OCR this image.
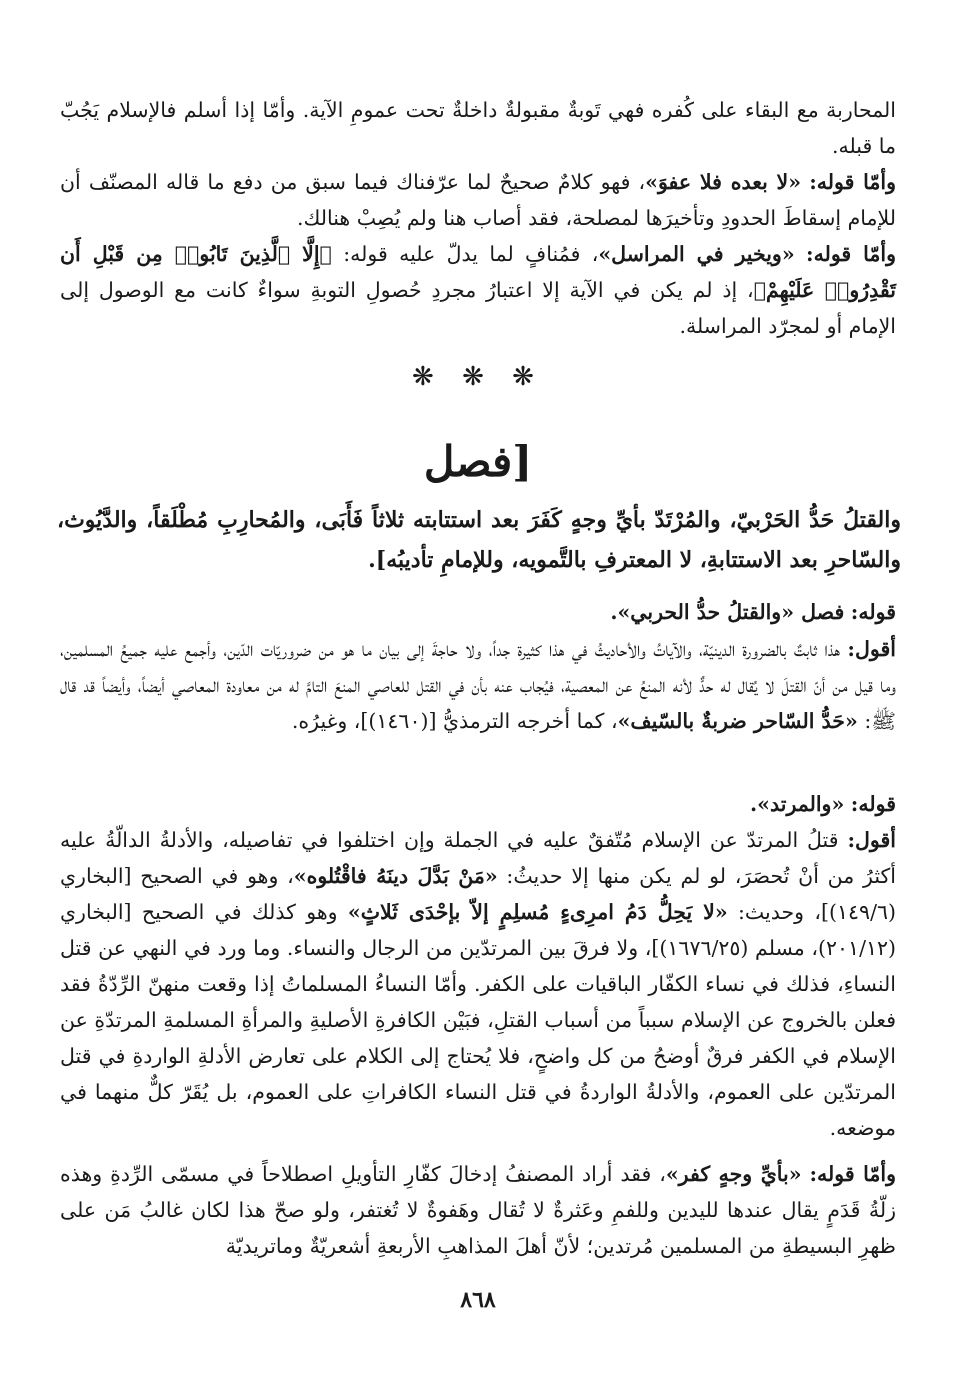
المحاربة مع البقاء على كُفره فهي تَوبةٌ مقبولةٌ داخلةٌ تحت عمومِ الآية. وأمّا إذا أسلم فالإسلام يَجُبّ ما قبله.

وأمّا قوله: «لا بعده فلا عفوَ»، فهو كلامٌ صحيحٌ لما عرّفناك فيما سبق من دفع ما قاله المصنّف أن للإمام إسقاطَ الحدودِ وتأخيرَها لمصلحة، فقد أصاب هنا ولم يُصِبْ هنالك.

وأمّا قوله: «ويخير في المراسل»، فمُنافٍ لما يدلّ عليه قوله: ﴿إِلَّا ٱلَّذِينَ تَابُوا۟ مِن قَبْلِ أَن تَقْدِرُوا۟ عَلَيْهِمْ﴾، إذ لم يكن في الآية إلا اعتبارُ مجردِ حُصولِ التوبةِ سواءٌ كانت مع الوصول إلى الإمام أو لمجرّد المراسلة.

❋ ❋ ❋
[فصل

والقتلُ حَدُّ الحَرْبيّ، والمُرْتَدّ بأيِّ وجهٍ كَفَرَ بعد استتابته ثلاثاً فَأَبَى، والمُحارِبِ مُطْلَقاً، والدَّيُوث، والسّاحرِ بعد الاستتابةِ، لا المعترفِ بالتَّمويه، وللإمامِ تأديبُه].

قوله: فصل «والقتلُ حدُّ الحربي».

أقول: هذا ثابتٌ بالضرورة الدينيّة، والآياتُ والأحاديثُ في هذا كثيرة جداً، ولا حاجةَ إلى بيان ما هو من ضروريّات الدّين، وأجمع عليه جميعُ المسلمين، وما قيل من أنّ القتلَ لا يُقال له حدٌّ لأنه المنعُ عن المعصية، فيُجاب عنه بأن في القتل للعاصي المنعَ التامَّ له من معاودة المعاصي أيضاً، وأيضاً قد قال ﷺ: «حَدُّ السّاحر ضربةٌ بالسّيف»، كما أخرجه الترمذيُّ [(١٤٦٠)]، وغيرُه.

قوله: «والمرتد».

أقول: قتلُ المرتدّ عن الإسلام مُتّفقٌ عليه في الجملة وإن اختلفوا في تفاصيله، والأدلةُ الدالّةُ عليه أكثرُ من أنْ تُحصَرَ، لو لم يكن منها إلا حديثُ: «مَنْ بَدَّلَ دينَهُ فاقْتُلوه»، وهو في الصحيح [البخاري (١٤٩/٦)]، وحديث: «لا يَحِلُّ دَمُ امرِىءٍ مُسلِمٍ إلاّ بإحْدَى ثَلاثٍ» وهو كذلك في الصحيح [البخاري (٢٠١/١٢)، مسلم (١٦٧٦/٢٥)]، ولا فرقَ بين المرتدّين من الرجال والنساء. وما ورد في النهي عن قتل النساءِ، فذلك في نساء الكفّار الباقيات على الكفر. وأمّا النساءُ المسلماتُ إذا وقعت منهنّ الرِّدّةُ فقد فعلن بالخروج عن الإسلام سبباً من أسباب القتلِ، فبَيْن الكافرةِ الأصليةِ والمرأةِ المسلمةِ المرتدّةِ عن الإسلام في الكفر فرقٌ أوضحُ من كل واضحٍ، فلا يُحتاج إلى الكلام على تعارض الأدلةِ الواردةِ في قتل المرتدّين على العموم، والأدلةُ الواردةُ في قتل النساء الكافراتِ على العموم، بل يُقَرّ كلٌّ منهما في موضعه.

وأمّا قوله: «بأيِّ وجهٍ كفر»، فقد أراد المصنفُ إدخالَ كفّارِ التأويلِ اصطلاحاً في مسمّى الرِّدةِ وهذه زلّةُ قَدَمٍ يقال عندها لليدين وللفمِ وعَثرةٌ لا تُقال وهَفوةٌ لا تُغتفر، ولو صحّ هذا لكان غالبُ مَن على ظهرِ البسيطةِ من المسلمين مُرتدين؛ لأنّ أهلَ المذاهبِ الأربعةِ أشعريّةٌ وماتريديّة

٨٦٨
